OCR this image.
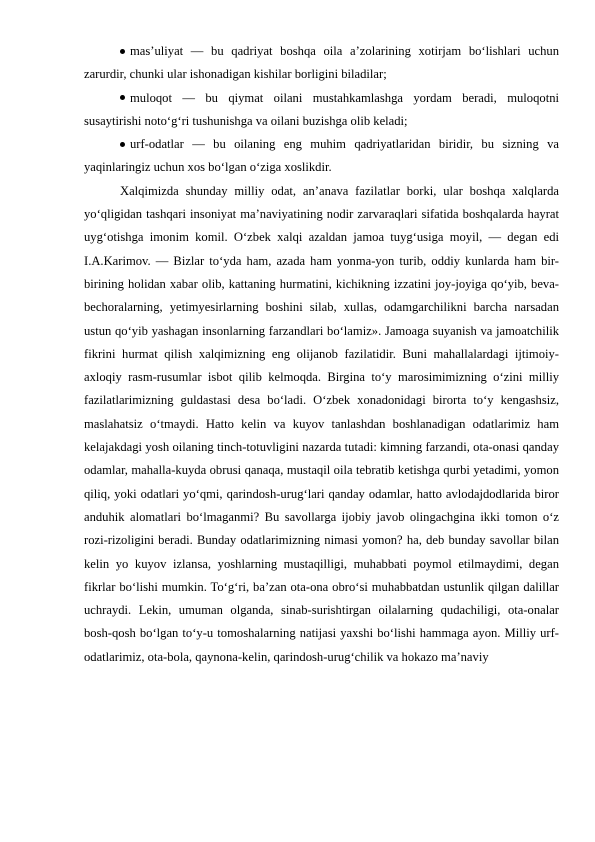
mas’uliyat — bu qadriyat boshqa oila a’zolarining xotirjam bo‘lishlari uchun zarurdir, chunki ular ishonadigan kishilar borligini biladilar;

muloqot — bu qiymat oilani mustahkamlashga yordam beradi, muloqotni susaytirishi noto‘g‘ri tushunishga va oilani buzishga olib keladi;

urf-odatlar — bu oilaning eng muhim qadriyatlaridan biridir, bu sizning va yaqinlaringiz uchun xos bo‘lgan o‘ziga xoslikdir.

Xalqimizda shunday milliy odat, an’anava fazilatlar borki, ular boshqa xalqlarda yo‘qligidan tashqari insoniyat ma’naviyatining nodir zarvaraqlari sifatida boshqalarda hayrat uyg‘otishga imonim komil. O‘zbek xalqi azaldan jamoa tuyg‘usiga moyil, — degan edi I.A.Karimov. — Bizlar to‘yda ham, azada ham yonma-yon turib, oddiy kunlarda ham bir-birining holidan xabar olib, kattaning hurmatini, kichikning izzatini joy-joyiga qo‘yib, beva-bechoralarning, yetimyesirlarning boshini silab, xullas, odamgarchilikni barcha narsadan ustun qo‘yib yashagan insonlarning farzandlari bo‘lamiz». Jamoaga suyanish va jamoatchilik fikrini hurmat qilish xalqimizning eng olijanob fazilatidir. Buni mahallalardagi ijtimoiy-axloqiy rasm-rusumlar isbot qilib kelmoqda. Birgina to‘y marosimimizning o‘zini milliy fazilatlarimizning guldastasi desa bo‘ladi. O‘zbek xonadonidagi birorta to‘y kengashsiz, maslahatsiz o‘tmaydi. Hatto kelin va kuyov tanlashdan boshlanadigan odatlarimiz ham kelajakdagi yosh oilaning tinch-totuvligini nazarda tutadi: kimning farzandi, ota-onasi qanday odamlar, mahalla-kuyda obrusi qanaqa, mustaqil oila tebratib ketishga qurbi yetadimi, yomon qiliq, yoki odatlari yo‘qmi, qarindosh-urug‘lari qanday odamlar, hatto avlodajdodlarida biror anduhik alomatlari bo‘lmaganmi? Bu savollarga ijobiy javob olingachgina ikki tomon o‘z rozi-rizoligini beradi. Bunday odatlarimizning nimasi yomon? ha, deb bunday savollar bilan kelin yo kuyov izlansa, yoshlarning mustaqilligi, muhabbati poymol etilmaydimi, degan fikrlar bo‘lishi mumkin. To‘g‘ri, ba’zan ota-ona obro‘si muhabbatdan ustunlik qilgan dalillar uchraydi. Lekin, umuman olganda, sinab-surishtirgan oilalarning qudachiligi, ota-onalar bosh-qosh bo‘lgan to‘y-u tomoshalarning natijasi yaxshi bo‘lishi hammaga ayon. Milliy urf-odatlarimiz, ota-bola, qaynona-kelin, qarindosh-urug‘chilik va hokazo ma’naviy
